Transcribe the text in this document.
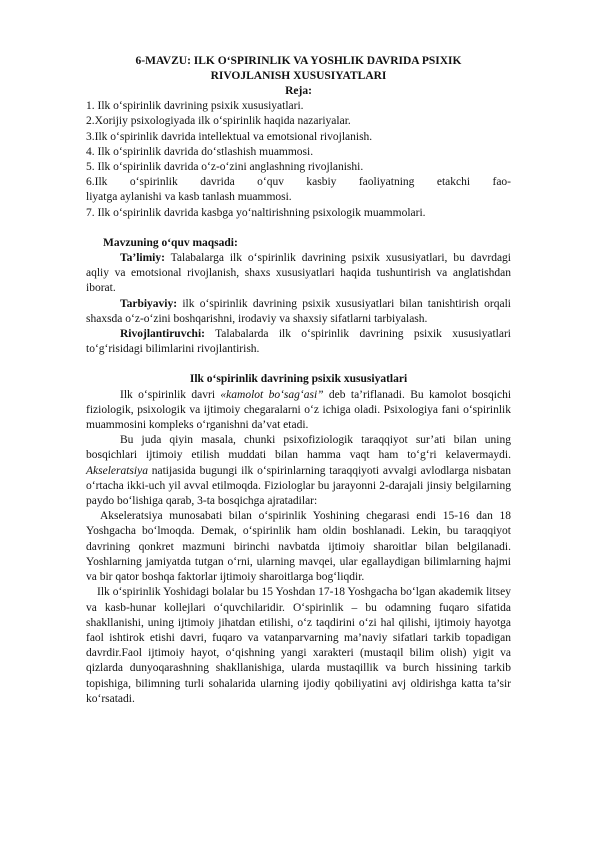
6-MAVZU: ILK O‘SPIRINLIK VA YOSHLIK DAVRIDA PSIXIK
RIVOJLANISH XUSUSIYATLARI

Reja:

1. Ilk o‘spirinlik davrining psixik xususiyatlari.

2.Xorijiy psixologiyada ilk o‘spirinlik haqida nazariyalar.

3.Ilk o‘spirinlik davrida intellektual va emotsional rivojlanish.

4. Ilk o‘spirinlik davrida do‘stlashish muammosi.

5. Ilk o‘spirinlik davrida o‘z-o‘zini anglashning rivojlanishi.

6.Ilk o‘spirinlik davrida o‘quv kasbiy faoliyatning etakchi fao-

liyatga aylanishi va kasb tanlash muammosi.

7. Ilk o‘spirinlik davrida kasbga yo‘naltirishning psixologik muammolari.

Mavzuning o‘quv maqsadi:

Ta’limiy: Talabalarga ilk o‘spirinlik davrining psixik xususiyatlari, bu davrdagi aqliy va emotsional rivojlanish, shaxs xususiyatlari haqida tushuntirish va anglatishdan iborat.

Tarbiyaviy: ilk o‘spirinlik davrining psixik xususiyatlari bilan tanishtirish orqali shaxsda o‘z-o‘zini boshqarishni, irodaviy va shaxsiy sifatlarni tarbiyalash.

Rivojlantiruvchi: Talabalarda ilk o‘spirinlik davrining psixik xususiyatlari to‘g‘risidagi bilimlarini rivojlantirish.

Ilk o‘spirinlik davrining psixik xususiyatlari

Ilk o‘spirinlik davri «kamolot bo‘sag‘asi” deb ta’riflanadi. Bu kamolot bosqichi fiziologik, psixologik va ijtimoiy chegaralarni o‘z ichiga oladi. Psixologiya fani o‘spirinlik muammosini kompleks o‘rganishni da’vat etadi.

Bu juda qiyin masala, chunki psixofiziologik taraqqiyot sur’ati bilan uning bosqichlari ijtimoiy etilish muddati bilan hamma vaqt ham to‘g‘ri kelavermaydi. Akseleratsiya natijasida bugungi ilk o‘spirinlarning taraqqiyoti avvalgi avlodlarga nisbatan o‘rtacha ikki-uch yil avval etilmoqda. Fiziologlar bu jarayonni 2-darajali jinsiy belgilarning paydo bo‘lishiga qarab, 3-ta bosqichga ajratadilar:

Akseleratsiya munosabati bilan o‘spirinlik Yoshining chegarasi endi 15-16 dan 18 Yoshgacha bo‘lmoqda. Demak, o‘spirinlik ham oldin boshlanadi. Lekin, bu taraqqiyot davrining qonkret mazmuni birinchi navbatda ijtimoiy sharoitlar bilan belgilanadi. Yoshlarning jamiyatda tutgan o‘rni, ularning mavqei, ular egallaydigan bilimlarning hajmi va bir qator boshqa faktorlar ijtimoiy sharoitlarga bog‘liqdir.

Ilk o‘spirinlik Yoshidagi bolalar bu 15 Yoshdan 17-18 Yoshgacha bo‘lgan akademik litsey va kasb-hunar kollejlari o‘quvchilaridir. O‘spirinlik – bu odamning fuqaro sifatida shakllanishi, uning ijtimoiy jihatdan etilishi, o‘z taqdirini o‘zi hal qilishi, ijtimoiy hayotga faol ishtirok etishi davri, fuqaro va vatanparvarning ma’naviy sifatlari tarkib topadigan davrdir.Faol ijtimoiy hayot, o‘qishning yangi xarakteri (mustaqil bilim olish) yigit va qizlarda dunyoqarashning shakllanishiga, ularda mustaqillik va burch hissining tarkib topishiga, bilimning turli sohalarida ularning ijodiy qobiliyatini avj oldirishga katta ta’sir ko‘rsatadi.
